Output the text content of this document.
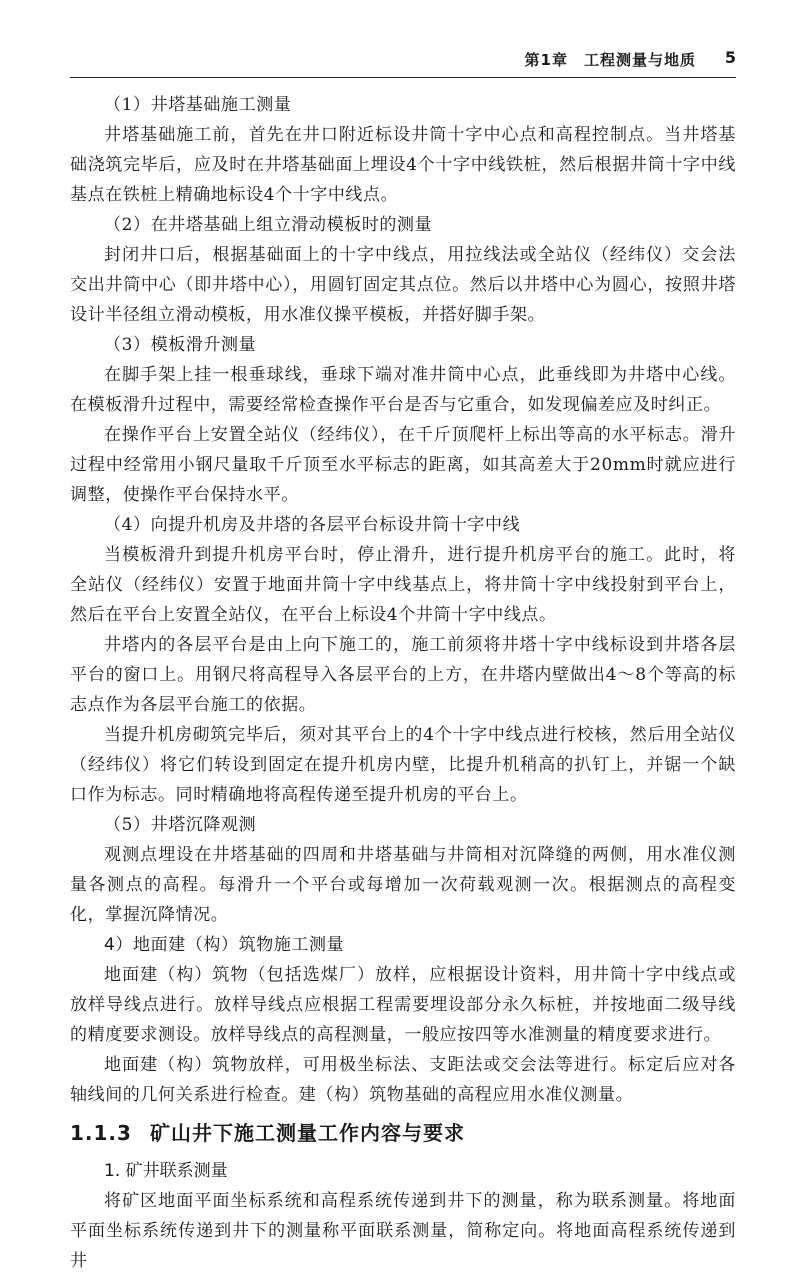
第1章　工程测量与地质 5

（1）井塔基础施工测量

井塔基础施工前，首先在井口附近标设井筒十字中心点和高程控制点。当井塔基础浇筑完毕后，应及时在井塔基础面上埋设4个十字中线铁桩，然后根据井筒十字中线基点在铁桩上精确地标设4个十字中线点。

（2）在井塔基础上组立滑动模板时的测量

封闭井口后，根据基础面上的十字中线点，用拉线法或全站仪（经纬仪）交会法交出井筒中心（即井塔中心），用圆钉固定其点位。然后以井塔中心为圆心，按照井塔设计半径组立滑动模板，用水准仪操平模板，并搭好脚手架。

（3）模板滑升测量

在脚手架上挂一根垂球线，垂球下端对准井筒中心点，此垂线即为井塔中心线。在模板滑升过程中，需要经常检查操作平台是否与它重合，如发现偏差应及时纠正。

在操作平台上安置全站仪（经纬仪），在千斤顶爬杆上标出等高的水平标志。滑升过程中经常用小钢尺量取千斤顶至水平标志的距离，如其高差大于20mm时就应进行调整，使操作平台保持水平。

（4）向提升机房及井塔的各层平台标设井筒十字中线

当模板滑升到提升机房平台时，停止滑升，进行提升机房平台的施工。此时，将全站仪（经纬仪）安置于地面井筒十字中线基点上，将井筒十字中线投射到平台上，然后在平台上安置全站仪，在平台上标设4个井筒十字中线点。

井塔内的各层平台是由上向下施工的，施工前须将井塔十字中线标设到井塔各层平台的窗口上。用钢尺将高程导入各层平台的上方，在井塔内壁做出4～8个等高的标志点作为各层平台施工的依据。

当提升机房砌筑完毕后，须对其平台上的4个十字中线点进行校核，然后用全站仪（经纬仪）将它们转设到固定在提升机房内壁，比提升机稍高的扒钉上，并锯一个缺口作为标志。同时精确地将高程传递至提升机房的平台上。

（5）井塔沉降观测

观测点埋设在井塔基础的四周和井塔基础与井筒相对沉降缝的两侧，用水准仪测量各测点的高程。每滑升一个平台或每增加一次荷载观测一次。根据测点的高程变化，掌握沉降情况。

4）地面建（构）筑物施工测量

地面建（构）筑物（包括选煤厂）放样，应根据设计资料，用井筒十字中线点或放样导线点进行。放样导线点应根据工程需要埋设部分永久标桩，并按地面二级导线的精度要求测设。放样导线点的高程测量，一般应按四等水准测量的精度要求进行。

地面建（构）筑物放样，可用极坐标法、支距法或交会法等进行。标定后应对各轴线间的几何关系进行检查。建（构）筑物基础的高程应用水准仪测量。

1.1.3 矿山井下施工测量工作内容与要求

1. 矿井联系测量

将矿区地面平面坐标系统和高程系统传递到井下的测量，称为联系测量。将地面平面坐标系统传递到井下的测量称平面联系测量，简称定向。将地面高程系统传递到井
